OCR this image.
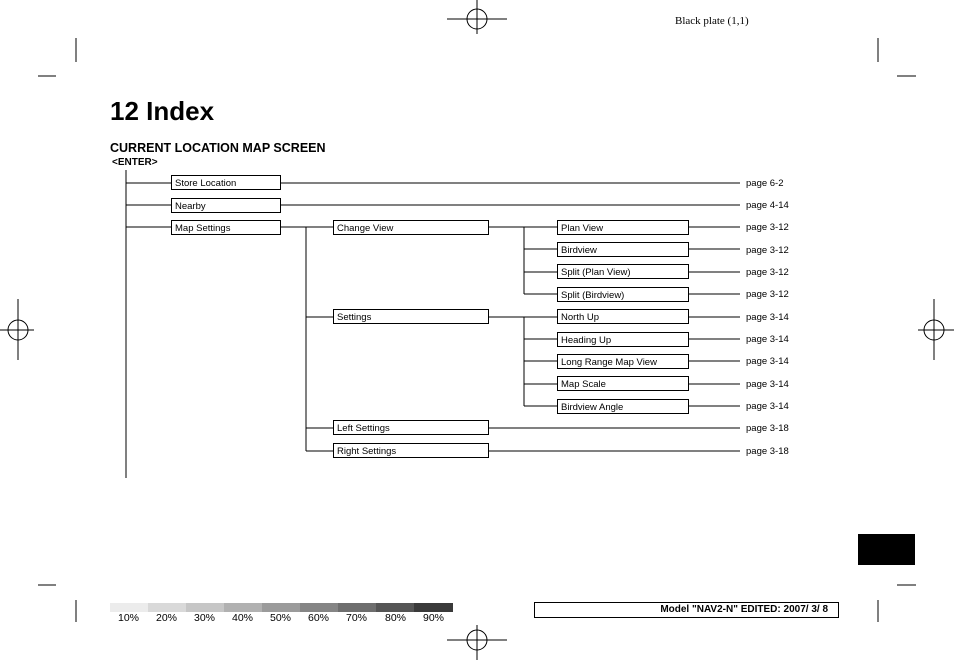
Black plate (1,1)
12 Index
CURRENT LOCATION MAP SCREEN
<ENTER>
Store Location
Nearby
Map Settings	Change View
Settings
Left Settings
Right Settings
Plan View
Birdview
Split (Plan View)
Split (Birdview)
North Up
Heading Up
Long Range Map View
Map Scale
Birdview Angle
page 6-2
page 4-14
page 3-12
page 3-12
page 3-12
page 3-12
page 3-14
page 3-14
page 3-14
page 3-14
page 3-14
page 3-18
page 3-18
10% 20% 30% 40% 50% 60% 70% 80% 90%
Model "NAV2-N" EDITED: 2007/ 3/ 8
